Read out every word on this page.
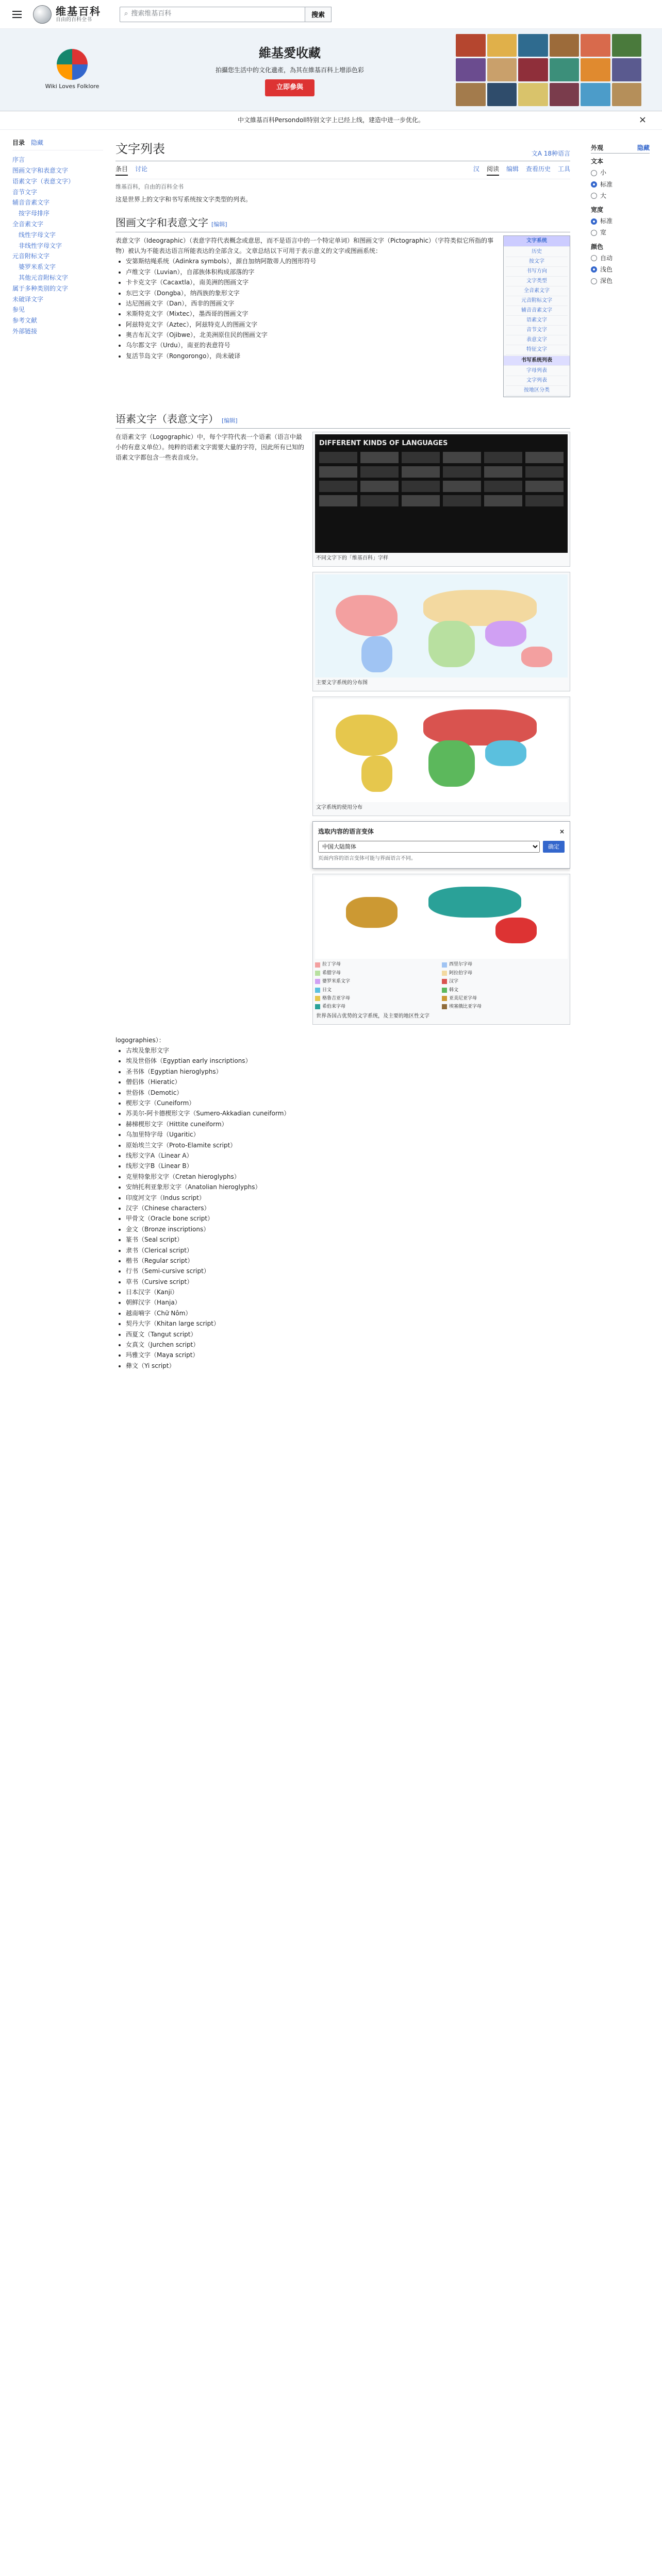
维基百科
自由的百科全书
⌕ 搜索维基百科	搜索
Wiki Loves Folklore
維基愛收藏

拍攝您生活中的文化遺產，為其在維基百科上增添色彩

立即參與
中文維基百科Persondoll特别文字上已经上线，建造中进一步优化。	×
目录 隐藏
序言
图画文字和表意文字
语素文字（表意文字）
音节文字
辅音音素文字
按字母排序
全音素文字
线性字母文字
非线性字母文字
元音附标文字
婆罗米系文字
其他元音附标文字
属于多种类别的文字
未破译文字
参见
参考文献
外部链接
文字列表	文A 18种语言
条目 讨论	汉 阅读 编辑 查看历史 工具
维基百科，自由的百科全书

这是世界上的文字和书写系统按文字类型的列表。

图画文字和表意文字 [编辑]
文字系统
历史
按文字
书写方向
文字类型
全音素文字
元音附标文字
辅音音素文字
语素文字
音节文字
表意文字
特征文字
书写系统列表
字母列表
文字列表
按地区分类

表意文字（Ideographic）（表意字符代表概念或意思，而不是语言中的一个特定单词）和图画文字（Pictographic）（字符类似它所指的事物）被认为不能表达语言所能表达的全部含义。文章总结以下可用于表示意义的文字或图画系统：

• 安第斯结绳系统（Adinkra symbols），源自加纳阿散蒂人的图形符号
• 卢维文字（Luvian），自部族体积构成部落的字
• 卡卡克文字（Cacaxtla），南美洲的图画文字
• 东巴文字（Dongba），纳西族的象形文字
• 达尼图画文字（Dan），西非的图画文字
• 米斯特克文字（Mixtec），墨西哥的图画文字
• 阿兹特克文字（Aztec），阿兹特克人的图画文字
• 奥吉布瓦文字（Ojibwe），北美洲原住民的图画文字
• 乌尔都文字（Urdu），南亚的表意符号
• 复活节岛文字（Rongorongo），尚未破译
语素文字（表意文字） [编辑]
DIFFERENT KINDS OF LANGUAGES
不同文字下的「维基百科」字样
主要文字系统的分布图
文字系统的使用分布
选取内容的语言变体	×
中国大陆简体
确定
页面内容的语言变体可能与界面语言不同。
拉丁字母	西里尔字母
希腊字母	阿拉伯字母
婆罗米系文字	汉字
日文	韩文
格鲁吉亚字母	亚美尼亚字母
希伯来字母	埃塞俄比亚字母
世界各国占优势的文字系统，及主要的地区性文字

在语素文字（Logographic）中，每个字符代表一个语素（语言中最小的有意义单位）。纯粹的语素文字需要大量的字符，因此所有已知的语素文字都包含一些表音成分。

logographies）：

• 古埃及象形文字
• 埃及世俗体（Egyptian early inscriptions）
• 圣书体（Egyptian hieroglyphs）
• 僧侣体（Hieratic）
• 世俗体（Demotic）
• 楔形文字（Cuneiform）
• 苏美尔-阿卡德楔形文字（Sumero-Akkadian cuneiform）
• 赫梯楔形文字（Hittite cuneiform）
• 乌加里特字母（Ugaritic）
• 原始埃兰文字（Proto-Elamite script）
• 线形文字A（Linear A）
• 线形文字B（Linear B）
• 克里特象形文字（Cretan hieroglyphs）
• 安纳托利亚象形文字（Anatolian hieroglyphs）
• 印度河文字（Indus script）
• 汉字（Chinese characters）
• 甲骨文（Oracle bone script）
• 金文（Bronze inscriptions）
• 篆书（Seal script）
• 隶书（Clerical script）
• 楷书（Regular script）
• 行书（Semi-cursive script）
• 草书（Cursive script）
• 日本汉字（Kanji）
• 朝鲜汉字（Hanja）
• 越南喃字（Chữ Nôm）
• 契丹大字（Khitan large script）
• 西夏文（Tangut script）
• 女真文（Jurchen script）
• 玛雅文字（Maya script）
• 彝文（Yi script）
外观	隐藏
文本
小
标准
大
宽度
标准
宽
颜色
自动
浅色
深色
